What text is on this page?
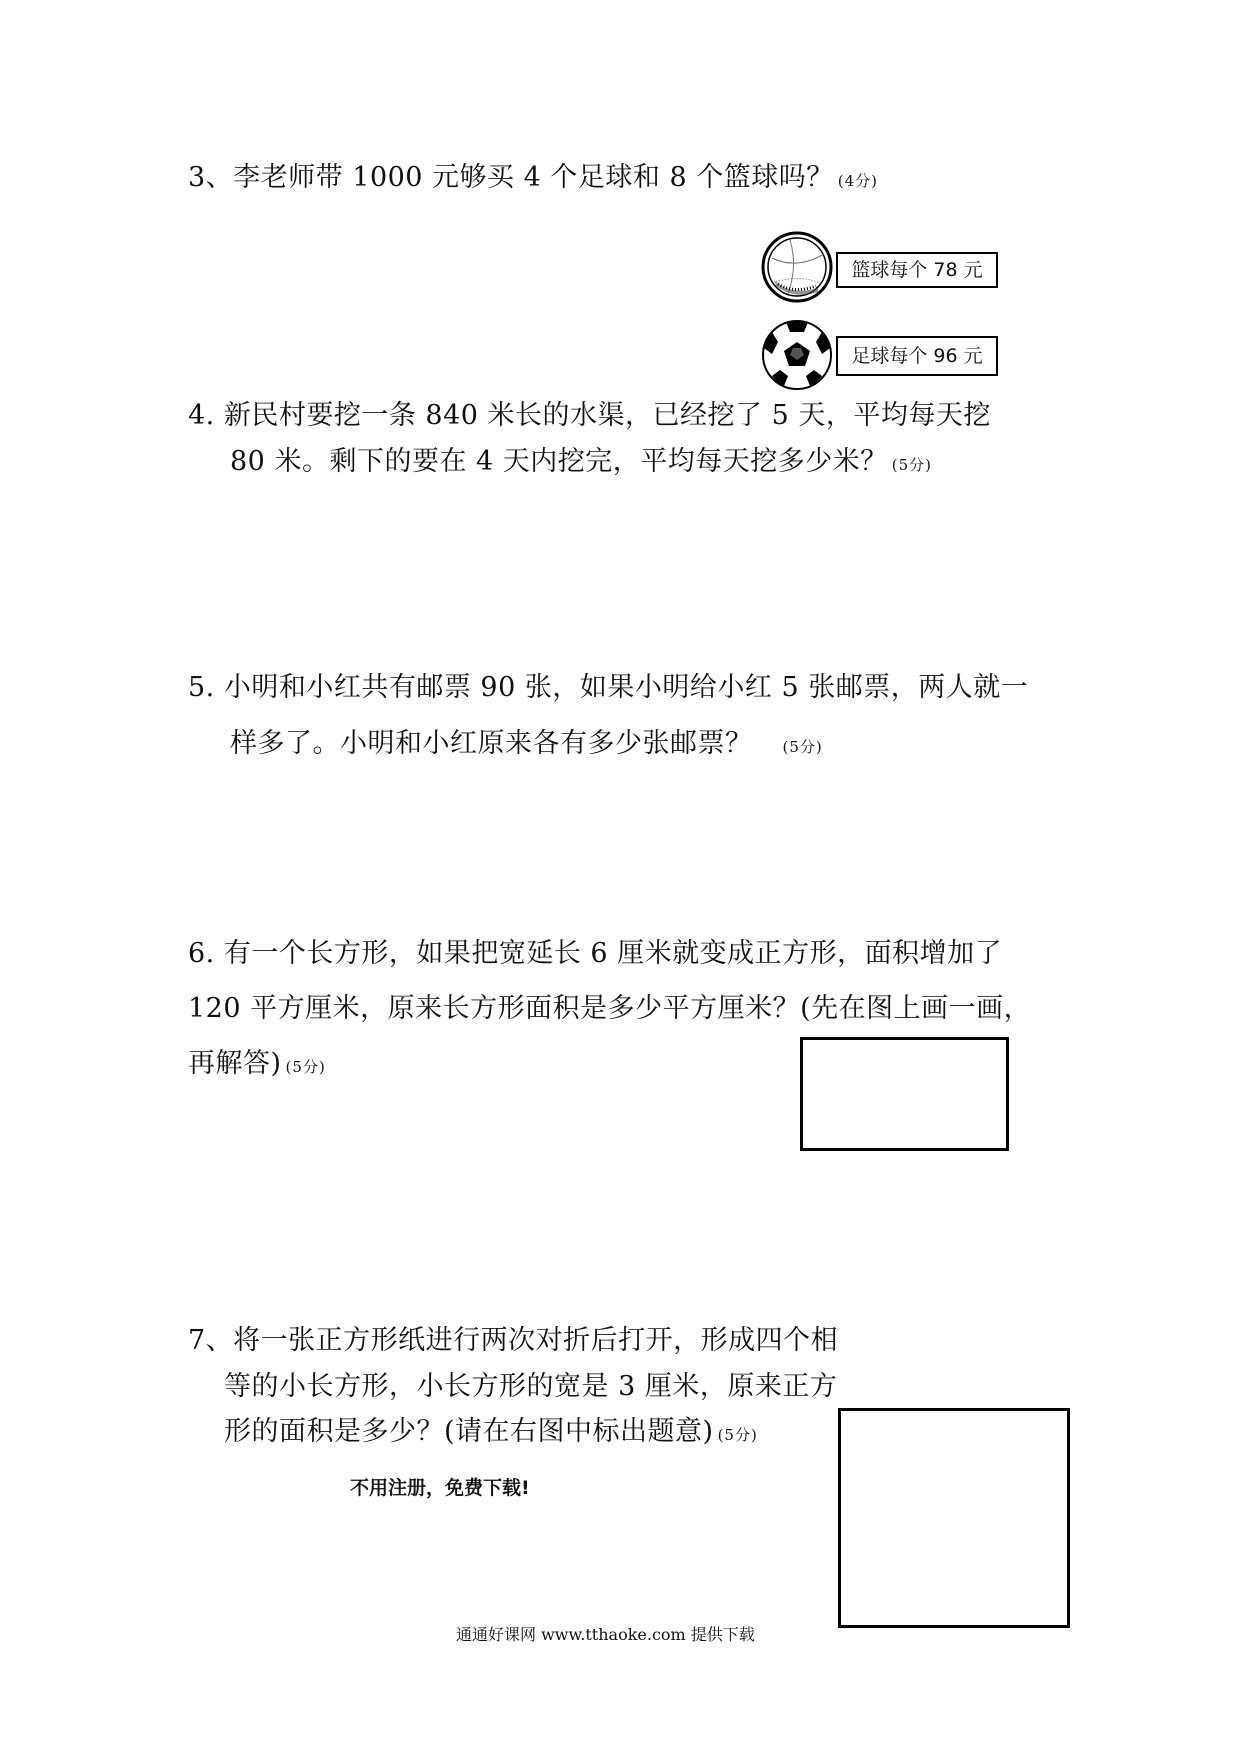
3、李老师带 1000 元够买 4 个足球和 8 个篮球吗？ (4分)
篮球每个 78 元
足球每个 96 元
4. 新民村要挖一条 840 米长的水渠，已经挖了 5 天，平均每天挖
80 米。剩下的要在 4 天内挖完，平均每天挖多少米？ (5分)
5. 小明和小红共有邮票 90 张，如果小明给小红 5 张邮票，两人就一
样多了。小明和小红原来各有多少张邮票？ (5分)
6. 有一个长方形，如果把宽延长 6 厘米就变成正方形，面积增加了
120 平方厘米，原来长方形面积是多少平方厘米？(先在图上画一画，
再解答) (5分)
7、将一张正方形纸进行两次对折后打开，形成四个相
等的小长方形，小长方形的宽是 3 厘米，原来正方
形的面积是多少？(请在右图中标出题意) (5分)
不用注册，免费下载!
通通好课网 www.tthaoke.com 提供下载
